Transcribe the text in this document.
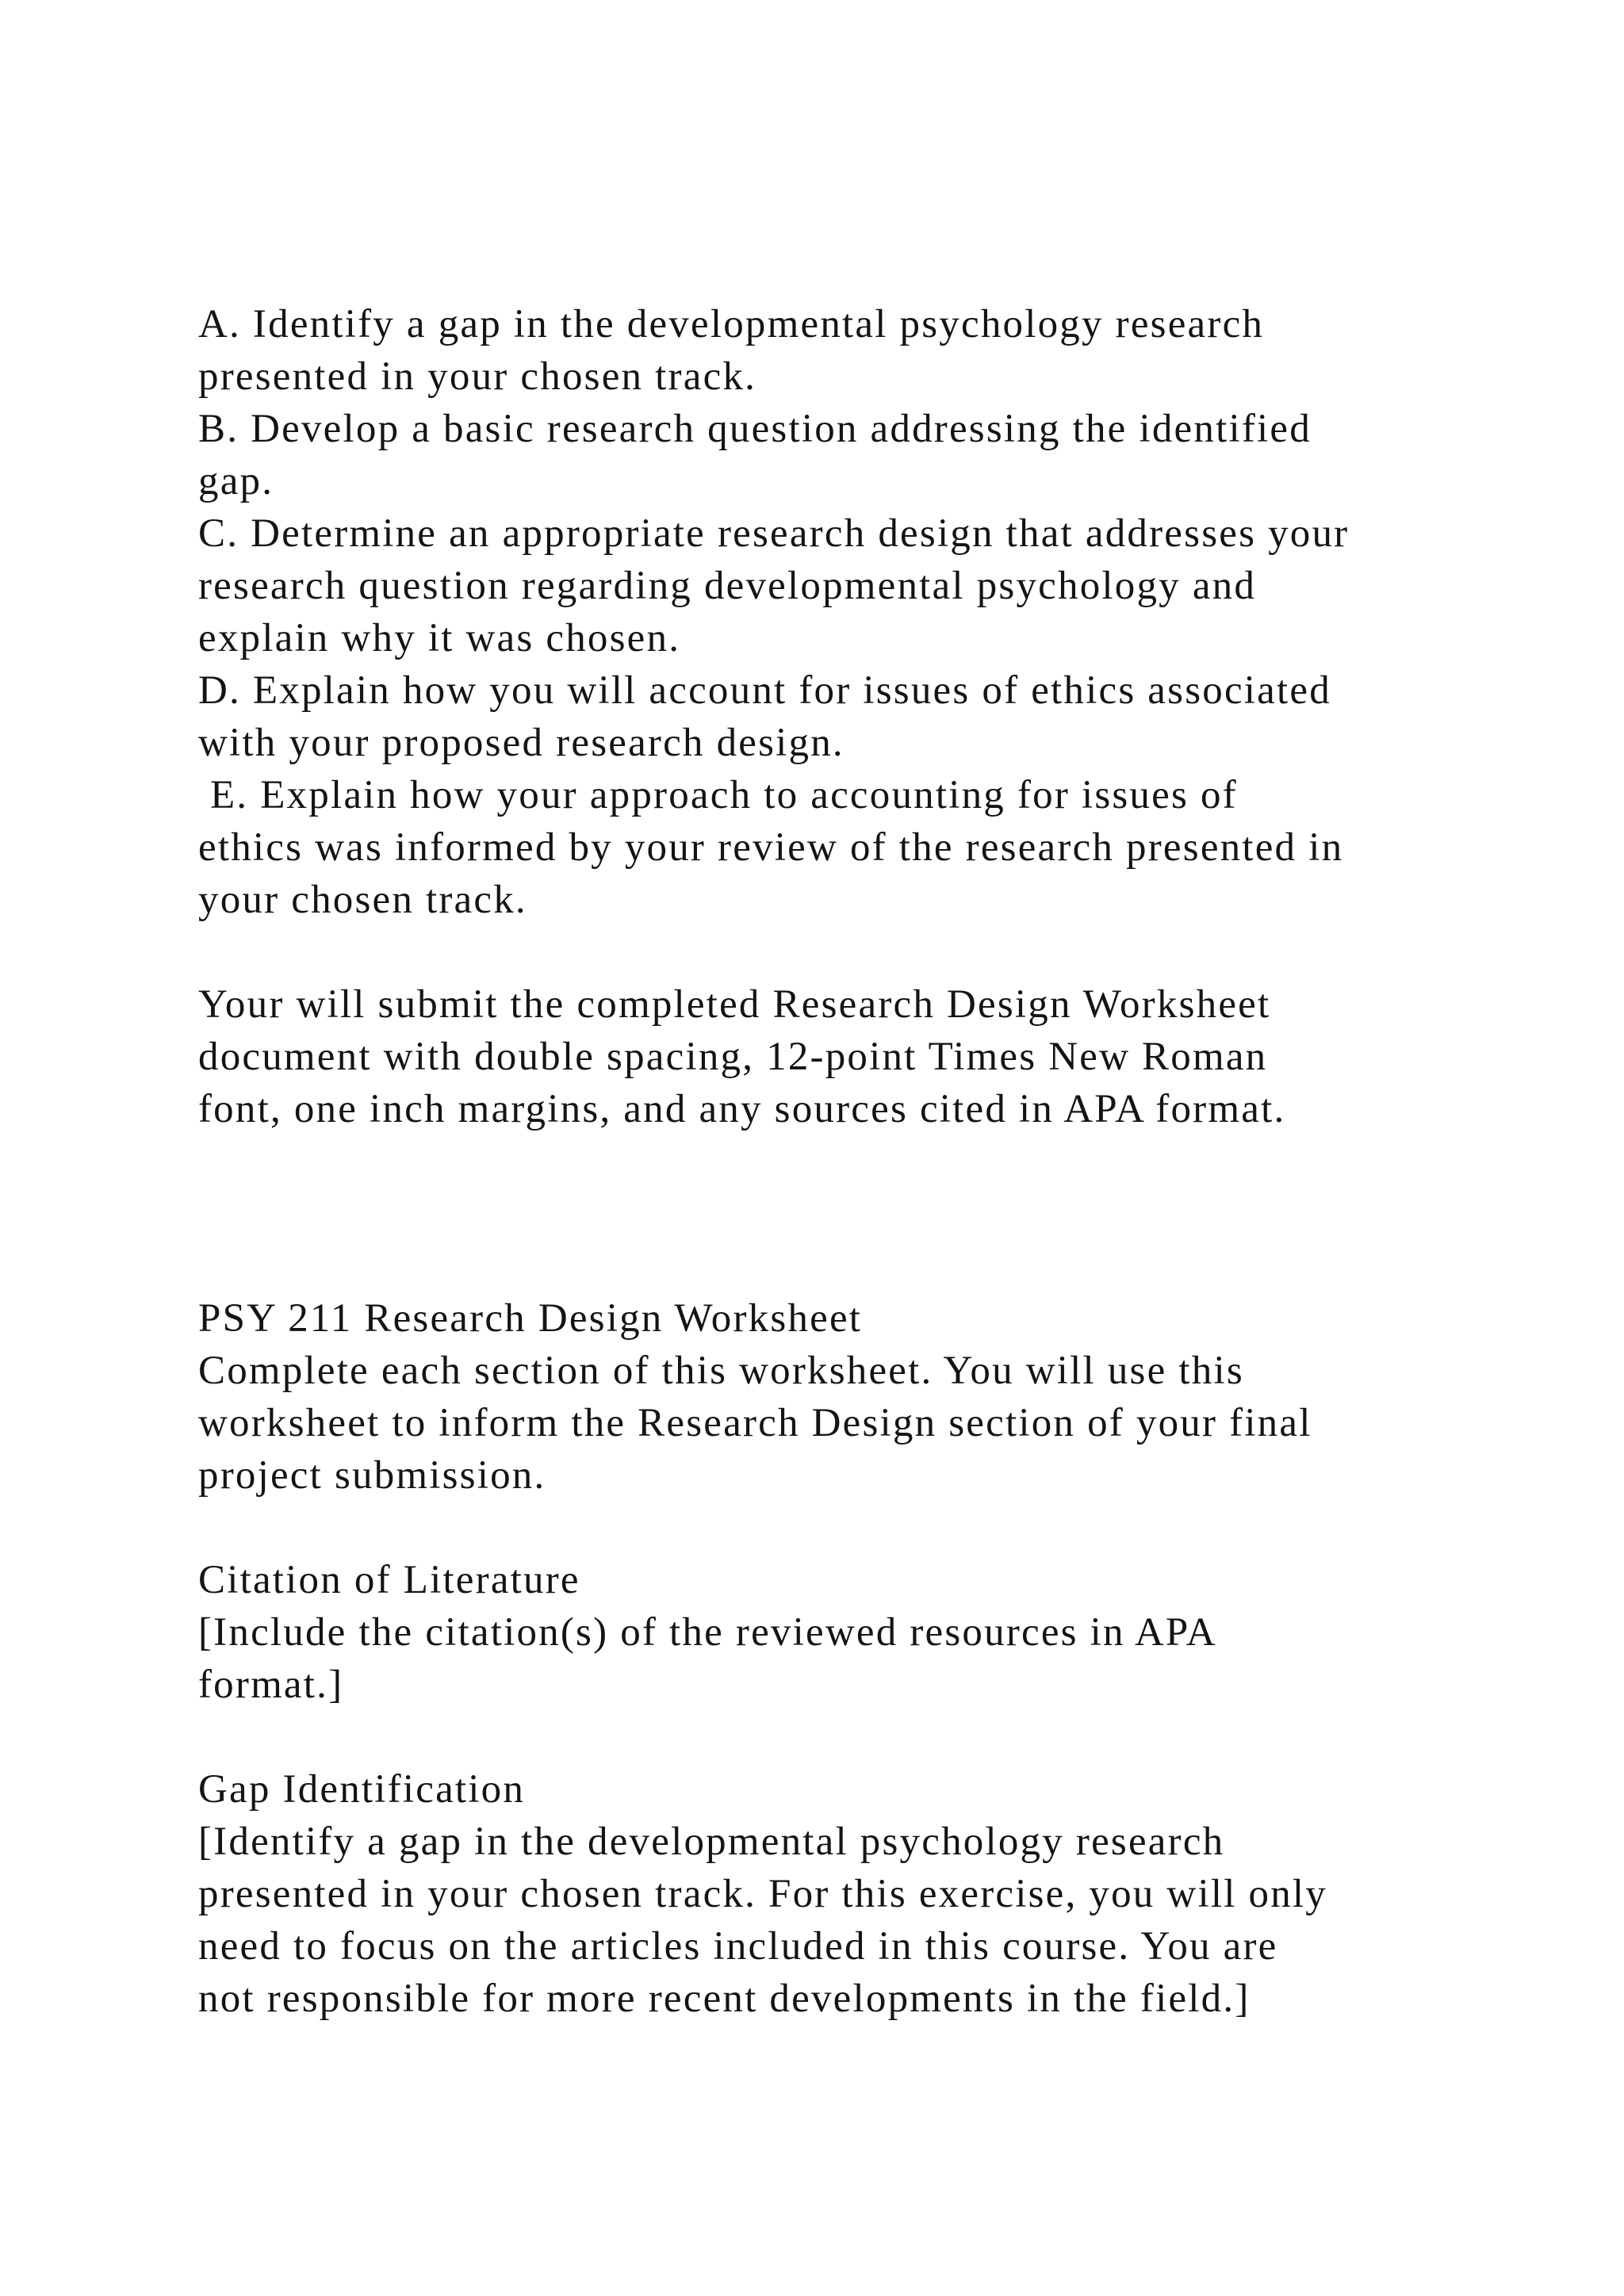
A. Identify a gap in the developmental psychology research
presented in your chosen track.
B. Develop a basic research question addressing the identified
gap.
C. Determine an appropriate research design that addresses your
research question regarding developmental psychology and
explain why it was chosen.
D. Explain how you will account for issues of ethics associated
with your proposed research design.
E. Explain how your approach to accounting for issues of
ethics was informed by your review of the research presented in
your chosen track.
Your will submit the completed Research Design Worksheet
document with double spacing, 12-point Times New Roman
font, one inch margins, and any sources cited in APA format.
PSY 211 Research Design Worksheet
Complete each section of this worksheet. You will use this
worksheet to inform the Research Design section of your final
project submission.
Citation of Literature
[Include the citation(s) of the reviewed resources in APA
format.]
Gap Identification
[Identify a gap in the developmental psychology research
presented in your chosen track. For this exercise, you will only
need to focus on the articles included in this course. You are
not responsible for more recent developments in the field.]
